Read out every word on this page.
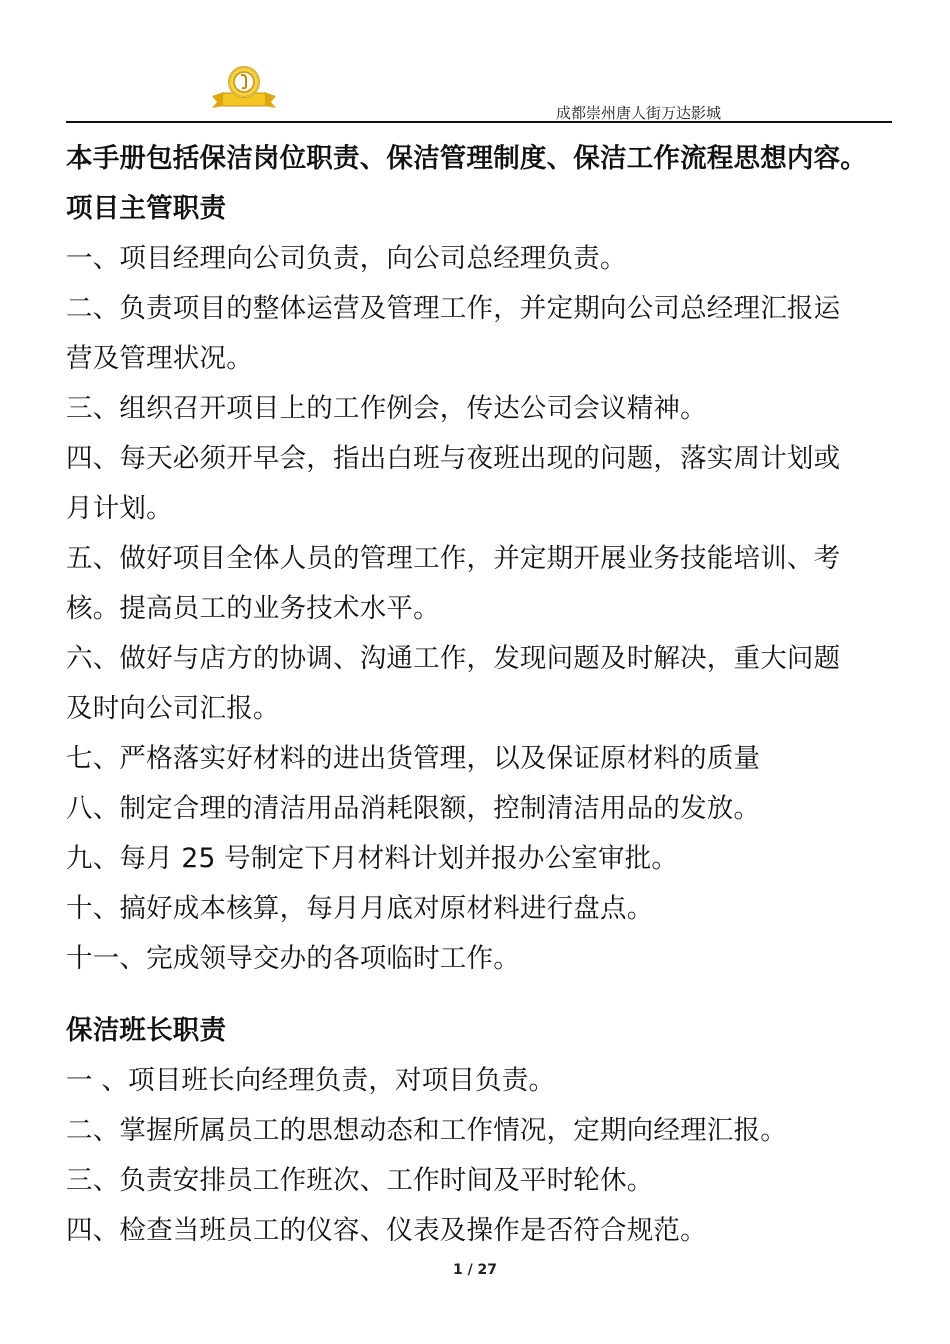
成都崇州唐人街万达影城
本手册包括保洁岗位职责、保洁管理制度、保洁工作流程思想内容。
项目主管职责
一、项目经理向公司负责，向公司总经理负责。
二、负责项目的整体运营及管理工作，并定期向公司总经理汇报运
营及管理状况。
三、组织召开项目上的工作例会，传达公司会议精神。
四、每天必须开早会，指出白班与夜班出现的问题，落实周计划或
月计划。
五、做好项目全体人员的管理工作，并定期开展业务技能培训、考
核。提高员工的业务技术水平。
六、做好与店方的协调、沟通工作，发现问题及时解决，重大问题
及时向公司汇报。
七、严格落实好材料的进出货管理，以及保证原材料的质量
八、制定合理的清洁用品消耗限额，控制清洁用品的发放。
九、每月 25 号制定下月材料计划并报办公室审批。
十、搞好成本核算，每月月底对原材料进行盘点。
十一、完成领导交办的各项临时工作。
保洁班长职责
一 、项目班长向经理负责，对项目负责。
二、掌握所属员工的思想动态和工作情况，定期向经理汇报。
三、负责安排员工作班次、工作时间及平时轮休。
四、检查当班员工的仪容、仪表及操作是否符合规范。
1 / 27
